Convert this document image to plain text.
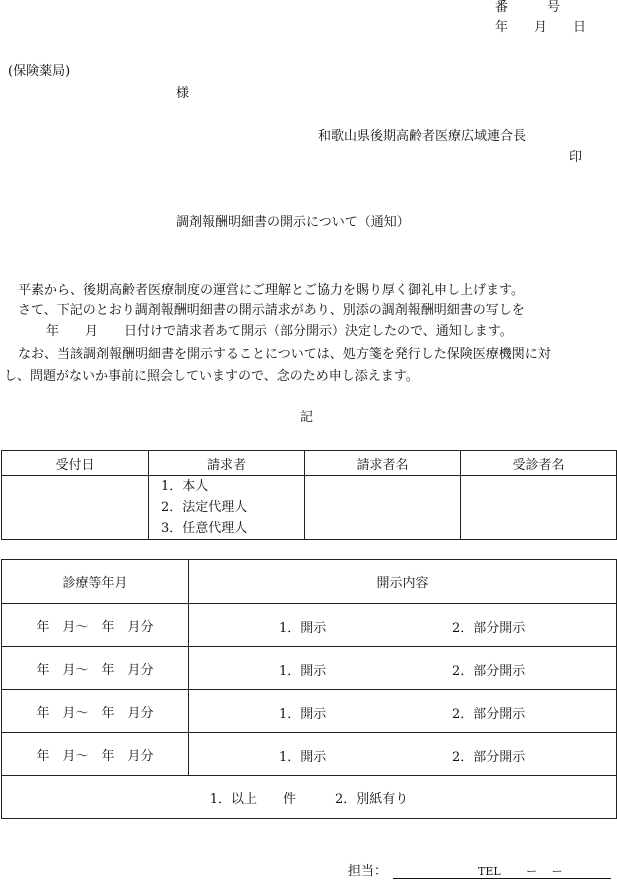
番　　　号
年　　月　　日
(保険薬局)
様
和歌山県後期高齢者医療広域連合長
印
調剤報酬明細書の開示について（通知）
平素から、後期高齢者医療制度の運営にご理解とご協力を賜り厚く御礼申し上げます。
さて、下記のとおり調剤報酬明細書の開示請求があり、別添の調剤報酬明細書の写しを
年　　月　　日付けで請求者あて開示（部分開示）決定したので、通知します。
なお、当該調剤報酬明細書を開示することについては、処方箋を発行した保険医療機関に対
し、問題がないか事前に照会していますので、念のため申し添えます。
記
受付日	請求者	請求者名	受診者名

	1．本人
2．法定代理人
3．任意代理人		

診療等年月	開示内容
年　月〜　年　月分	1．開示 2．部分開示

年　月〜　年　月分	1．開示 2．部分開示

年　月〜　年　月分	1．開示 2．部分開示

年　月〜　年　月分	1．開示 2．部分開示

1．以上　　件　　　2．別紙有り	
担当：	TEL　　 ー　 ー
